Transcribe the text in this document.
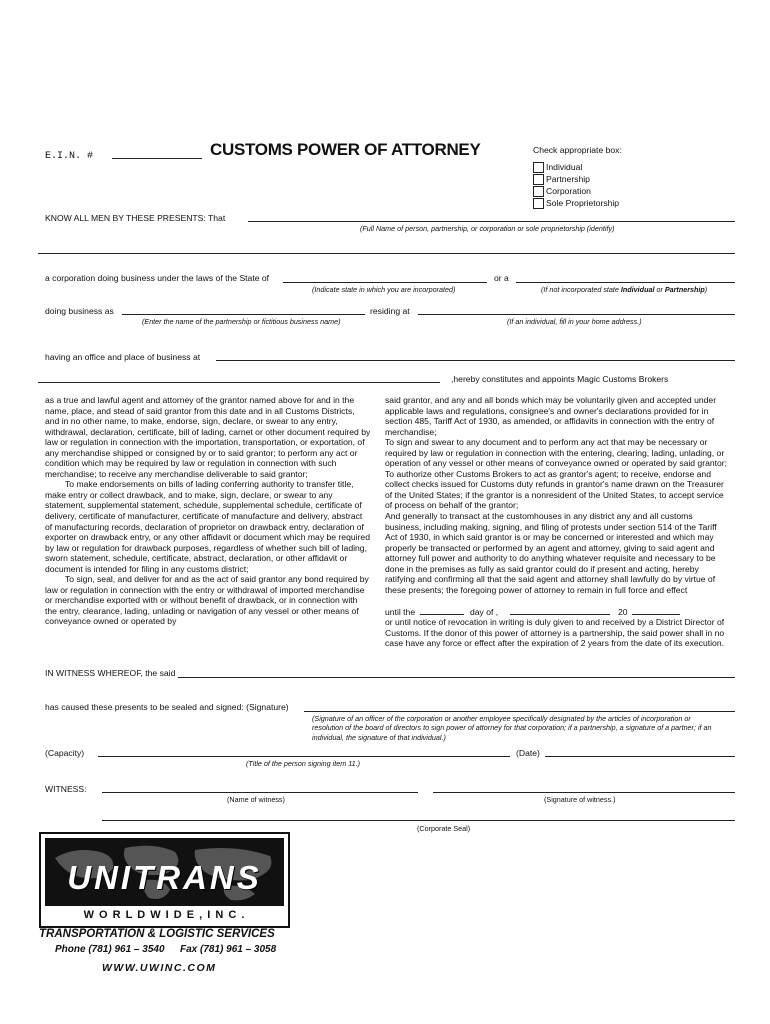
E.I.N. #	CUSTOMS POWER OF ATTORNEY	Check appropriate box:
Individual
Partnership
Corporation
Sole Proprietorship
KNOW ALL MEN BY THESE PRESENTS: That
(Full Name of person, partnership, or corporation or sole proprietorship (identify)
a corporation doing business under the laws of the State of	or a
(Indicate state in which you are incorporated)	(If not incorporated state Individual or Partnership)
doing business as	residing at
(Enter the name of the partnership or fictitious business name)	(If an individual, fill in your home address.)
having an office and place of business at
,hereby constitutes and appoints Magic Customs Brokers

as a true and lawful agent and attorney of the grantor named above for and in the name, place, and stead of said grantor from this date and in all Customs Districts, and in no other name, to make, endorse, sign, declare, or swear to any entry, withdrawal, declaration, certificate, bill of lading, carnet or other document required by law or regulation in connection with the importation, transportation, or exportation, of any merchandise shipped or consigned by or to said grantor; to perform any act or condition which may be required by law or regulation in connection with such merchandise; to receive any merchandise deliverable to said grantor;

To make endorsements on bills of lading conferring authority to transfer title, make entry or collect drawback, and to make, sign, declare, or swear to any statement, supplemental statement, schedule, supplemental schedule, certificate of delivery, certificate of manufacturer, certificate of manufacture and delivery, abstract of manufacturing records, declaration of proprietor on drawback entry, declaration of exporter on drawback entry, or any other affidavit or document which may be required by law or regulation for drawback purposes, regardless of whether such bill of lading, sworn statement, schedule, certificate, abstract, declaration, or other affidavit or document is intended for filing in any customs district;

To sign, seal, and deliver for and as the act of said grantor any bond required by law or regulation in connection with the entry or withdrawal of imported merchandise or merchandise exported with or without benefit of drawback, or in connection with the entry, clearance, lading, unlading or navigation of any vessel or other means of conveyance owned or operated by

said grantor, and any and all bonds which may be voluntarily given and accepted under applicable laws and regulations, consignee's and owner's declarations provided for in section 485, Tariff Act of 1930, as amended, or affidavits in connection with the entry of merchandise;

To sign and swear to any document and to perform any act that may be necessary or required by law or regulation in connection with the entering, clearing, lading, unlading, or operation of any vessel or other means of conveyance owned or operated by said grantor;

To authorize other Customs Brokers to act as grantor's agent; to receive, endorse and collect checks issued for Customs duty refunds in grantor's name drawn on the Treasurer of the United States; if the grantor is a nonresident of the United States, to accept service of process on behalf of the grantor;

And generally to transact at the customhouses in any district any and all customs business, including making, signing, and filing of protests under section 514 of the Tariff Act of 1930, in which said grantor is or may be concerned or interested and which may properly be transacted or performed by an agent and attorney, giving to said agent and attorney full power and authority to do anything whatever requisite and necessary to be done in the premises as fully as said grantor could do if present and acting, hereby ratifying and confirming all that the said agent and attorney shall lawfully do by virtue of these presents; the foregoing power of attorney to remain in full force and effect

until the	day of ,	20

or until notice of revocation in writing is duly given to and received by a District Director of Customs. If the donor of this power of attorney is a partnership, the said power shall in no case have any force or effect after the expiration of 2 years from the date of its execution.

IN WITNESS WHEREOF, the said
has caused these presents to be sealed and signed: (Signature)
(Signature of an officer of the corporation or another employee specifically designated by the articles of incorporation or resolution of the board of directors to sign power of attorney for that corporation; if a partnership, a signature of a partner; if an individual, the signature of that individual.)
(Capacity)	(Date)
(Title of the person signing item 11.)
WITNESS:
(Name of witness)	(Signature of witness.)
(Corporate Seal)
UNITRANS
W O R L D W I D E , I N C .
TRANSPORTATION & LOGISTIC SERVICES
Phone (781) 961 – 3540 Fax (781) 961 – 3058
WWW.UWINC.COM
